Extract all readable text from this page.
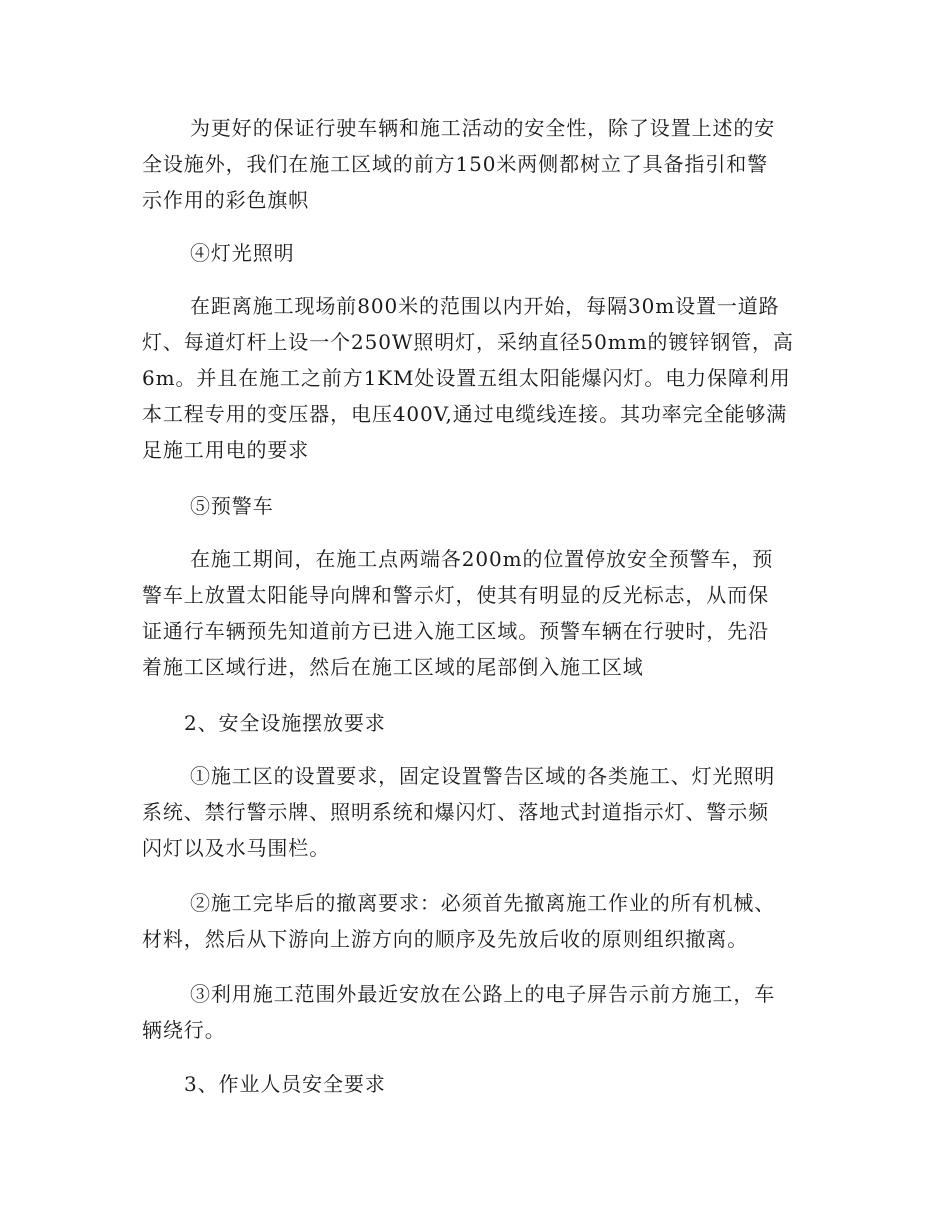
为更好的保证行驶车辆和施工活动的安全性，除了设置上述的安
全设施外，我们在施工区域的前方150米两侧都树立了具备指引和警
示作用的彩色旗帜
④灯光照明
在距离施工现场前800米的范围以内开始，每隔30m设置一道路
灯、每道灯杆上设一个250W照明灯，采纳直径50mm的镀锌钢管，高
6m。并且在施工之前方1KM处设置五组太阳能爆闪灯。电力保障利用
本工程专用的变压器，电压400V,通过电缆线连接。其功率完全能够满
足施工用电的要求
⑤预警车
在施工期间，在施工点两端各200m的位置停放安全预警车，预
警车上放置太阳能导向牌和警示灯，使其有明显的反光标志，从而保
证通行车辆预先知道前方已进入施工区域。预警车辆在行驶时，先沿
着施工区域行进，然后在施工区域的尾部倒入施工区域
2、安全设施摆放要求
①施工区的设置要求，固定设置警告区域的各类施工、灯光照明
系统、禁行警示牌、照明系统和爆闪灯、落地式封道指示灯、警示频
闪灯以及水马围栏。
②施工完毕后的撤离要求：必须首先撤离施工作业的所有机械、
材料，然后从下游向上游方向的顺序及先放后收的原则组织撤离。
③利用施工范围外最近安放在公路上的电子屏告示前方施工，车
辆绕行。
3、作业人员安全要求
